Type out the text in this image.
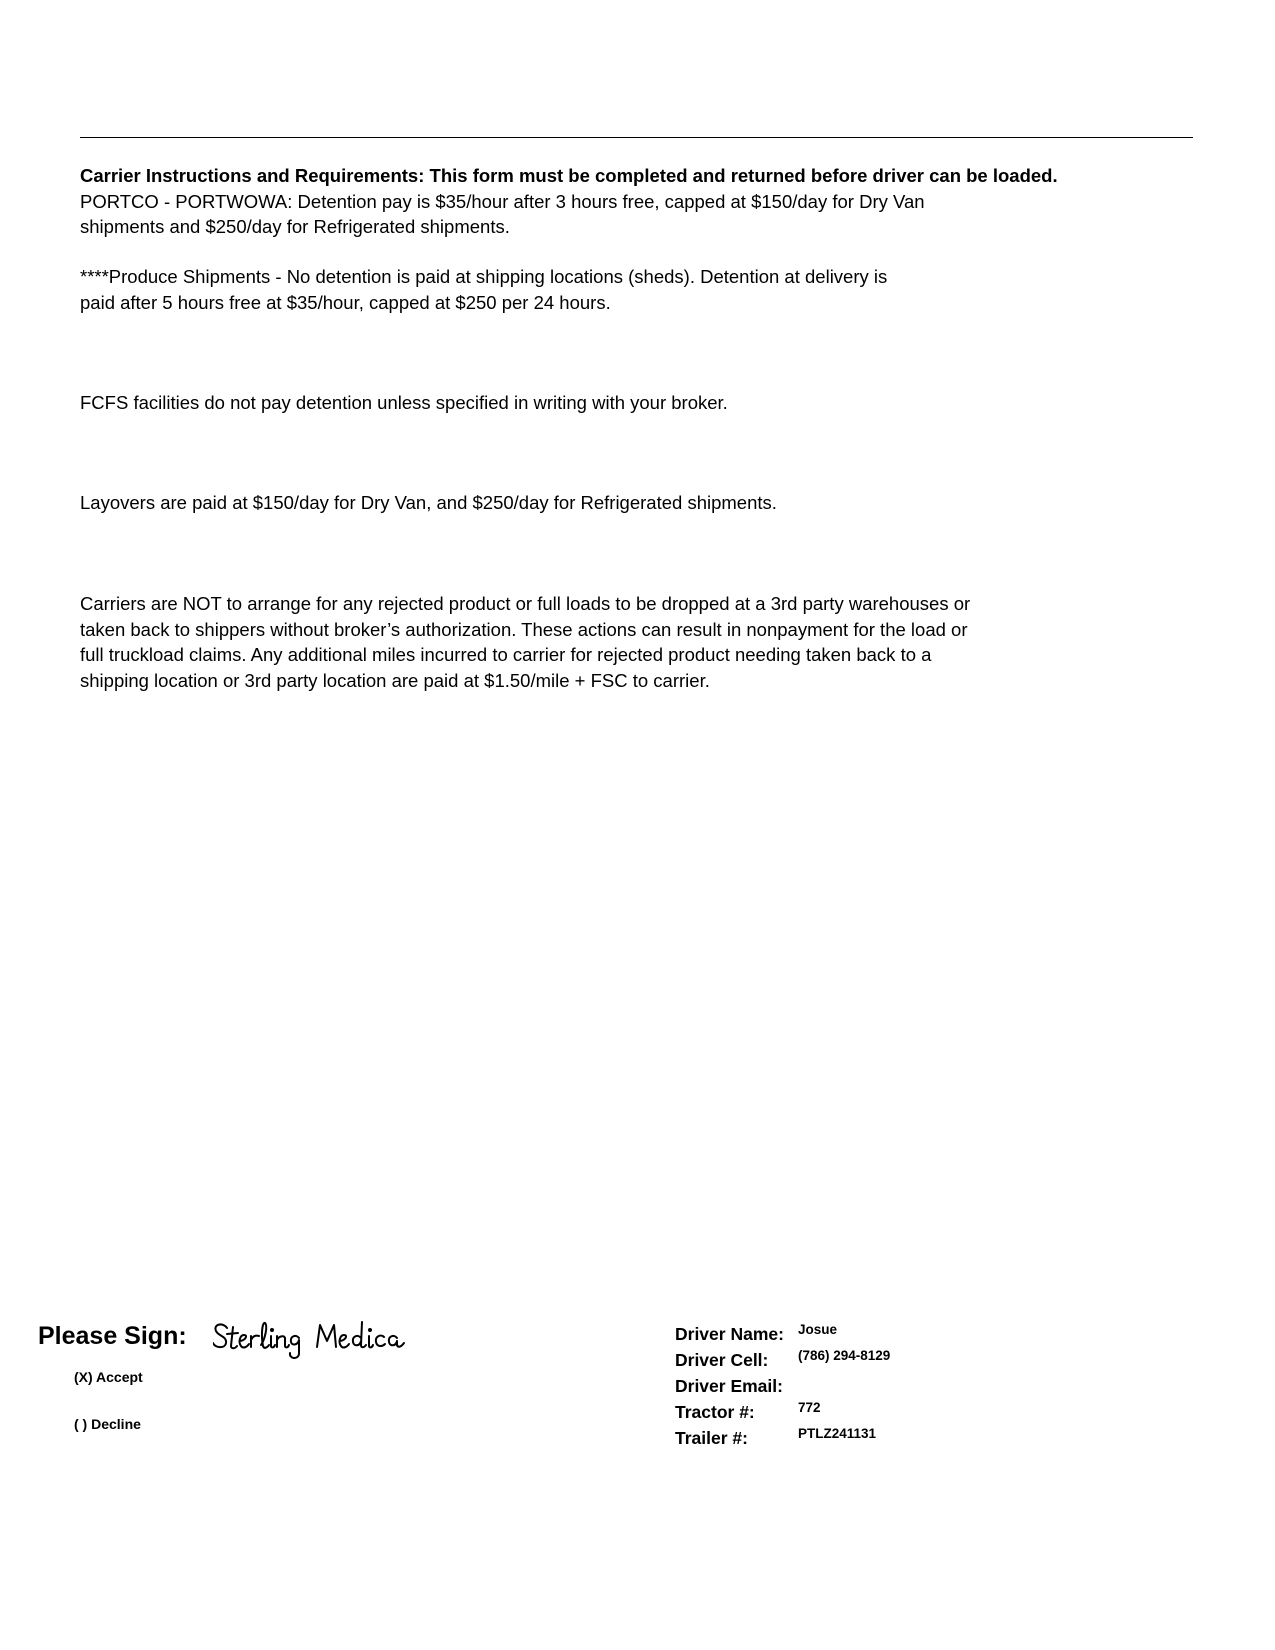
Carrier Instructions and Requirements: This form must be completed and returned before driver can be loaded.
PORTCO - PORTWOWA: Detention pay is $35/hour after 3 hours free, capped at $150/day for Dry Van
shipments and $250/day for Refrigerated shipments.
****Produce Shipments - No detention is paid at shipping locations (sheds). Detention at delivery is
paid after 5 hours free at $35/hour, capped at $250 per 24 hours.
FCFS facilities do not pay detention unless specified in writing with your broker.
Layovers are paid at $150/day for Dry Van, and $250/day for Refrigerated shipments.
Carriers are NOT to arrange for any rejected product or full loads to be dropped at a 3rd party warehouses or
taken back to shippers without broker’s authorization. These actions can result in nonpayment for the load or
full truckload claims. Any additional miles incurred to carrier for rejected product needing taken back to a
shipping location or 3rd party location are paid at $1.50/mile + FSC to carrier.
Please Sign:
(X) Accept
( ) Decline
Driver Name: Josue
Driver Cell: (786) 294-8129
Driver Email:
Tractor #:	772
Trailer #:	PTLZ241131
